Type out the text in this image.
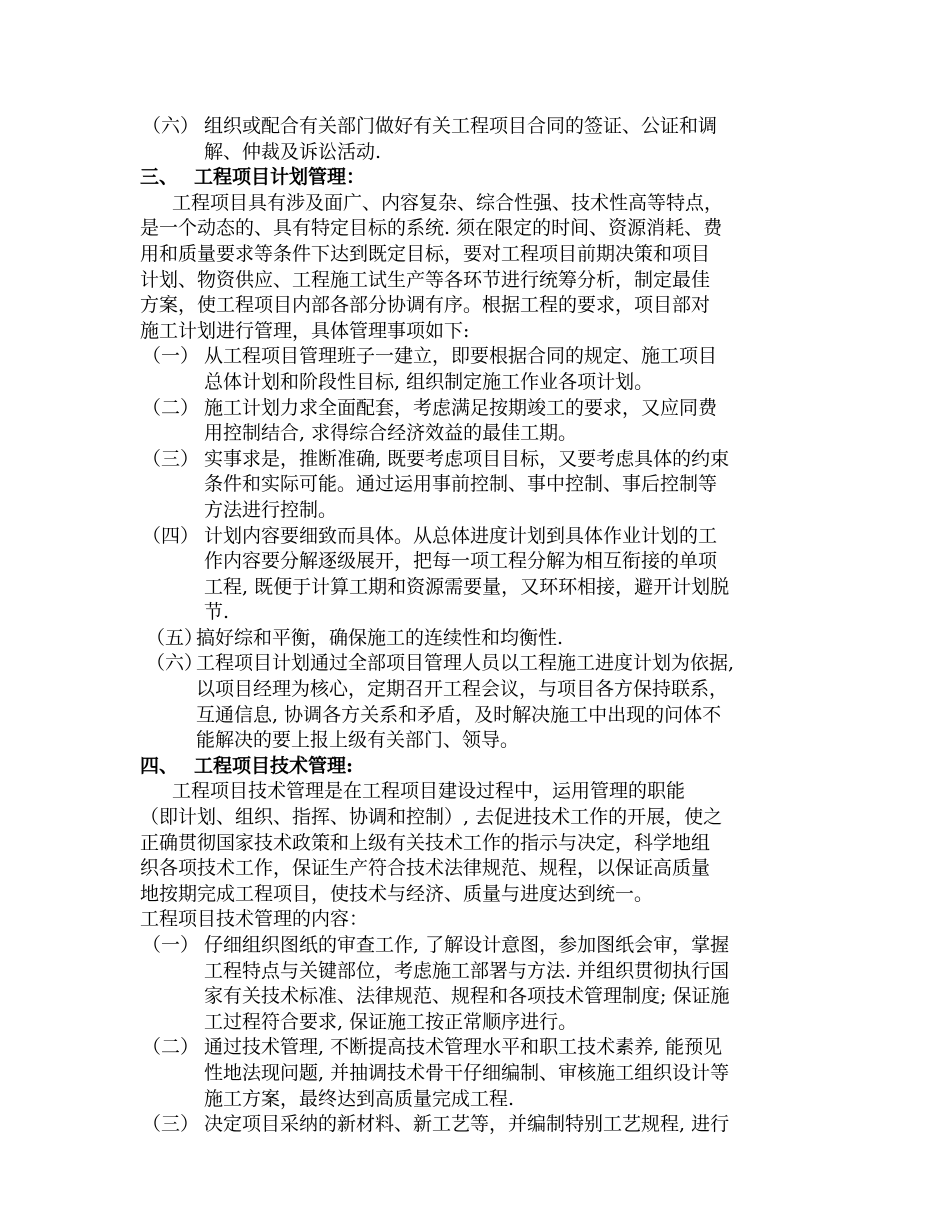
（六） 组织或配合有关部门做好有关工程项目合同的签证、公证和调
解、仲裁及诉讼活动.
三、 工程项目计划管理：
工程项目具有涉及面广、内容复杂、综合性强、技术性高等特点，
是一个动态的、具有特定目标的系统. 须在限定的时间、资源消耗、费
用和质量要求等条件下达到既定目标，要对工程项目前期决策和项目
计划、物资供应、工程施工试生产等各环节进行统筹分析，制定最佳
方案，使工程项目内部各部分协调有序。根据工程的要求，项目部对
施工计划进行管理，具体管理事项如下:
（一） 从工程项目管理班子一建立，即要根据合同的规定、施工项目
总体计划和阶段性目标, 组织制定施工作业各项计划。
（二） 施工计划力求全面配套，考虑满足按期竣工的要求，又应同费
用控制结合, 求得综合经济效益的最佳工期。
（三） 实事求是，推断准确, 既要考虑项目目标，又要考虑具体的约束
条件和实际可能。通过运用事前控制、事中控制、事后控制等
方法进行控制。
（四） 计划内容要细致而具体。从总体进度计划到具体作业计划的工
作内容要分解逐级展开，把每一项工程分解为相互衔接的单项
工程, 既便于计算工期和资源需要量，又环环相接，避开计划脱
节.
（五）
搞好综和平衡，确保施工的连续性和均衡性.
（六）
工程项目计划通过全部项目管理人员以工程施工进度计划为依据,
以项目经理为核心，定期召开工程会议，与项目各方保持联系，
互通信息, 协调各方关系和矛盾，及时解决施工中出现的问体不
能解决的要上报上级有关部门、领导。
四、 工程项目技术管理:
工程项目技术管理是在工程项目建设过程中，运用管理的职能
（即计划、组织、指挥、协调和控制）, 去促进技术工作的开展，使之
正确贯彻国家技术政策和上级有关技术工作的指示与决定，科学地组
织各项技术工作，保证生产符合技术法律规范、规程，以保证高质量
地按期完成工程项目，使技术与经济、质量与进度达到统一。
工程项目技术管理的内容：
（一） 仔细组织图纸的审查工作, 了解设计意图，参加图纸会审，掌握
工程特点与关键部位，考虑施工部署与方法. 并组织贯彻执行国
家有关技术标准、法律规范、规程和各项技术管理制度; 保证施
工过程符合要求, 保证施工按正常顺序进行。
（二） 通过技术管理, 不断提高技术管理水平和职工技术素养, 能预见
性地法现问题, 并抽调技术骨干仔细编制、审核施工组织设计等
施工方案，最终达到高质量完成工程.
（三） 决定项目采纳的新材料、新工艺等，并编制特别工艺规程, 进行
